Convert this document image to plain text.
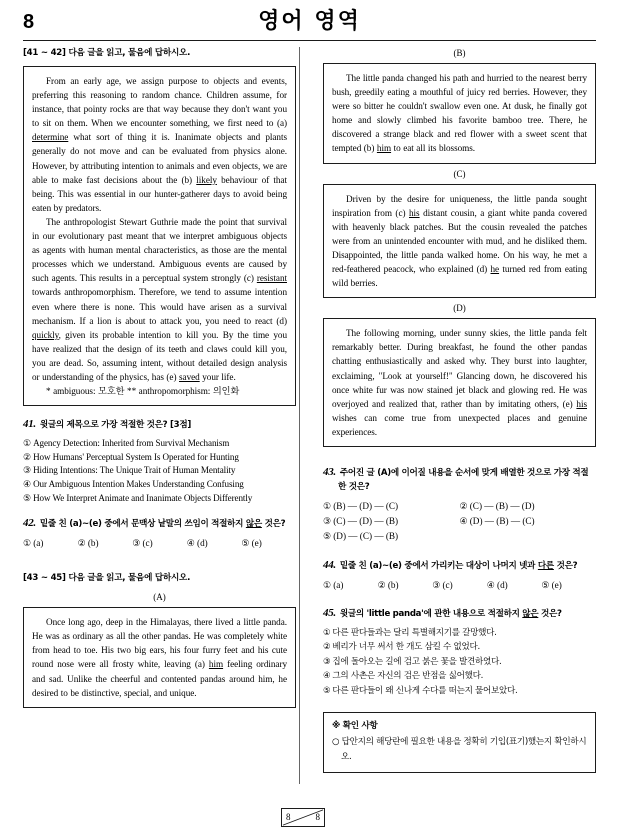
8	영어 영역

[41 ~ 42] 다음 글을 읽고, 물음에 답하시오.

From an early age, we assign purpose to objects and events, preferring this reasoning to random chance. Children assume, for instance, that pointy rocks are that way because they don't want you to sit on them. When we encounter something, we first need to (a) determine what sort of thing it is. Inanimate objects and plants generally do not move and can be evaluated from physics alone. However, by attributing intention to animals and even objects, we are able to make fast decisions about the (b) likely behaviour of that being. This was essential in our hunter-gatherer days to avoid being eaten by predators.

The anthropologist Stewart Guthrie made the point that survival in our evolutionary past meant that we interpret ambiguous objects as agents with human mental characteristics, as those are the mental processes which we understand. Ambiguous events are caused by such agents. This results in a perceptual system strongly (c) resistant towards anthropomorphism. Therefore, we tend to assume intention even where there is none. This would have arisen as a survival mechanism. If a lion is about to attack you, you need to react (d) quickly, given its probable intention to kill you. By the time you have realized that the design of its teeth and claws could kill you, you are dead. So, assuming intent, without detailed design analysis or understanding of the physics, has (e) saved your life.

* ambiguous: 모호한 ** anthropomorphism: 의인화

41. 윗글의 제목으로 가장 적절한 것은? [3점]

① Agency Detection: Inherited from Survival Mechanism
② How Humans' Perceptual System Is Operated for Hunting
③ Hiding Intentions: The Unique Trait of Human Mentality
④ Our Ambiguous Intention Makes Understanding Confusing
⑤ How We Interpret Animate and Inanimate Objects Differently

42. 밑줄 친 (a)~(e) 중에서 문맥상 낱말의 쓰임이 적절하지 않은 것은?

① (a)	② (b)	③ (c)	④ (d)	⑤ (e)

[43 ~ 45] 다음 글을 읽고, 물음에 답하시오.

(A)

Once long ago, deep in the Himalayas, there lived a little panda. He was as ordinary as all the other pandas. He was completely white from head to toe. His two big ears, his four furry feet and his cute round nose were all frosty white, leaving (a) him feeling ordinary and sad. Unlike the cheerful and contented pandas around him, he desired to be distinctive, special, and unique.

(B)

The little panda changed his path and hurried to the nearest berry bush, greedily eating a mouthful of juicy red berries. However, they were so bitter he couldn't swallow even one. At dusk, he finally got home and slowly climbed his favorite bamboo tree. There, he discovered a strange black and red flower with a sweet scent that tempted (b) him to eat all its blossoms.

(C)

Driven by the desire for uniqueness, the little panda sought inspiration from (c) his distant cousin, a giant white panda covered with heavenly black patches. But the cousin revealed the patches were from an unintended encounter with mud, and he disliked them. Disappointed, the little panda walked home. On his way, he met a red-feathered peacock, who explained (d) he turned red from eating wild berries.

(D)

The following morning, under sunny skies, the little panda felt remarkably better. During breakfast, he found the other pandas chatting enthusiastically and asked why. They burst into laughter, exclaiming, "Look at yourself!" Glancing down, he discovered his once white fur was now stained jet black and glowing red. He was overjoyed and realized that, rather than by imitating others, (e) his wishes can come true from unexpected places and genuine experiences.

43. 주어진 글 (A)에 이어질 내용을 순서에 맞게 배열한 것으로 가장 적절한 것은?

① (B) — (D) — (C)	② (C) — (B) — (D)
③ (C) — (D) — (B)	④ (D) — (B) — (C)
⑤ (D) — (C) — (B)

44. 밑줄 친 (a)~(e) 중에서 가리키는 대상이 나머지 넷과 다른 것은?

① (a)	② (b)	③ (c)	④ (d)	⑤ (e)

45. 윗글의 'little panda'에 관한 내용으로 적절하지 않은 것은?

① 다른 판다들과는 달리 특별해지기를 갈망했다.
② 베리가 너무 써서 한 개도 삼킬 수 없었다.
③ 집에 돌아오는 길에 검고 붉은 꽃을 발견하였다.
④ 그의 사촌은 자신의 검은 반점을 싫어했다.
⑤ 다른 판다들이 왜 신나게 수다를 떠는지 물어보았다.
※ 확인 사항
○ 답안지의 해당란에 필요한 내용을 정확히 기입(표기)했는지 확인하시오.
8	8
